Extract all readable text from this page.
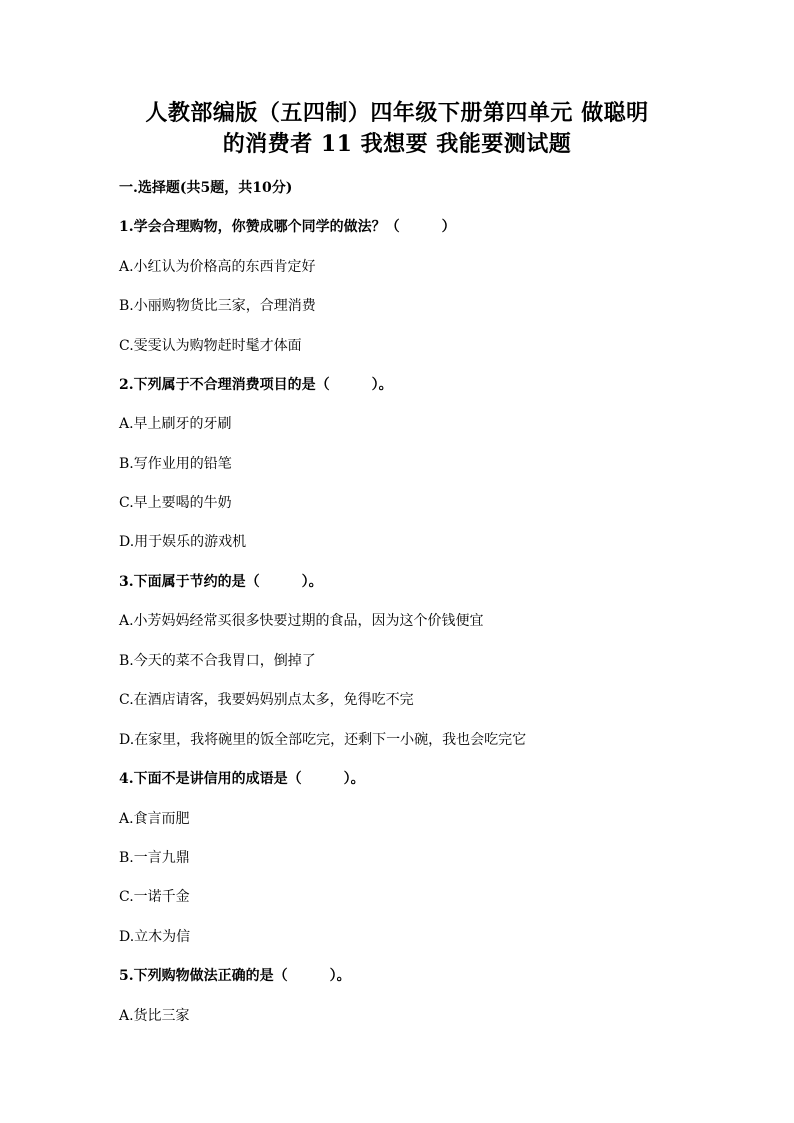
人教部编版（五四制）四年级下册第四单元 做聪明
的消费者 11 我想要 我能要测试题
一.选择题(共5题，共10分)
1.学会合理购物，你赞成哪个同学的做法？（　　　）
A.小红认为价格高的东西肯定好
B.小丽购物货比三家，合理消费
C.雯雯认为购物赶时髦才体面
2.下列属于不合理消费项目的是（　　　）。
A.早上刷牙的牙刷
B.写作业用的铅笔
C.早上要喝的牛奶
D.用于娱乐的游戏机
3.下面属于节约的是（　　　）。
A.小芳妈妈经常买很多快要过期的食品，因为这个价钱便宜
B.今天的菜不合我胃口，倒掉了
C.在酒店请客，我要妈妈别点太多，免得吃不完
D.在家里，我将碗里的饭全部吃完，还剩下一小碗，我也会吃完它
4.下面不是讲信用的成语是（　　　）。
A.食言而肥
B.一言九鼎
C.一诺千金
D.立木为信
5.下列购物做法正确的是（　　　）。
A.货比三家
